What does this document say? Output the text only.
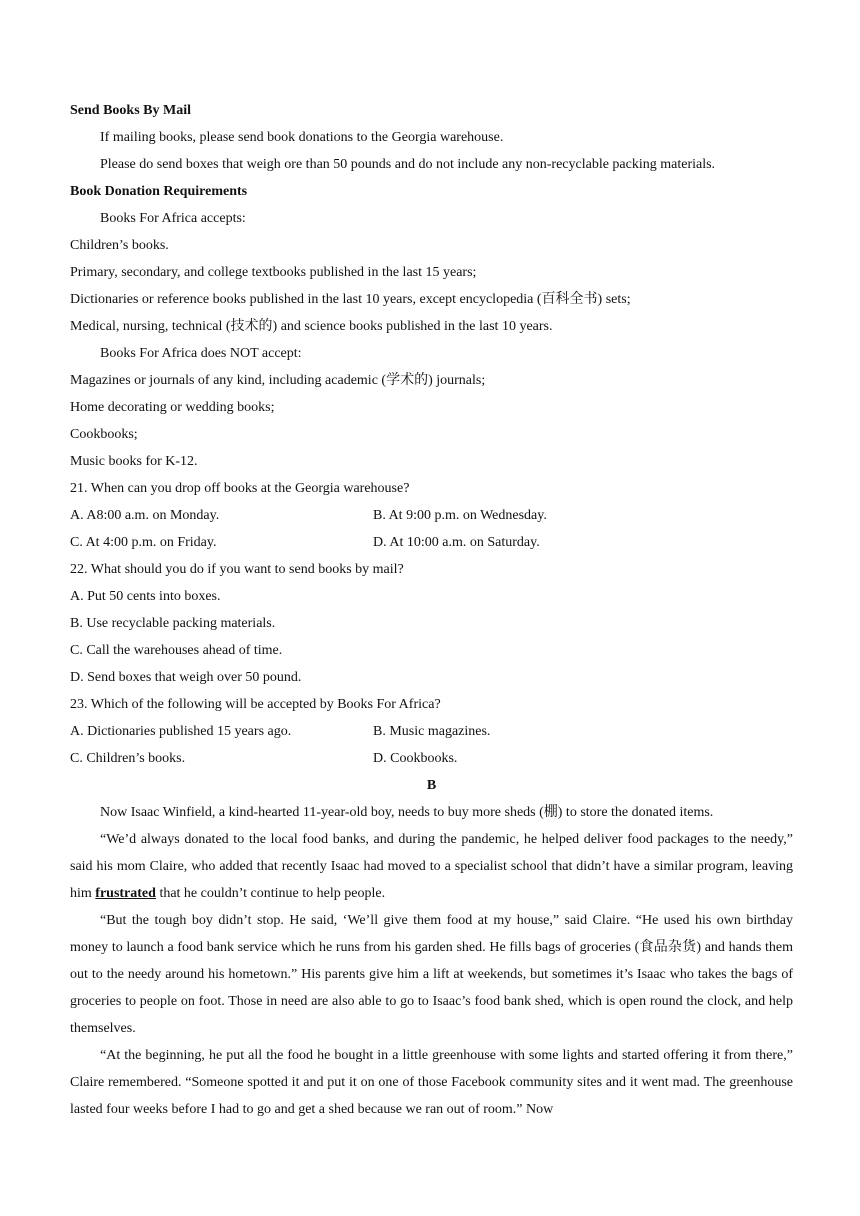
Send Books By Mail
If mailing books, please send book donations to the Georgia warehouse.
Please do send boxes that weigh ore than 50 pounds and do not include any non-recyclable packing materials.
Book Donation Requirements
Books For Africa accepts:
Children’s books.
Primary, secondary, and college textbooks published in the last 15 years;
Dictionaries or reference books published in the last 10 years, except encyclopedia (百科全书) sets;
Medical, nursing, technical (技术的) and science books published in the last 10 years.
Books For Africa does NOT accept:
Magazines or journals of any kind, including academic (学术的) journals;
Home decorating or wedding books;
Cookbooks;
Music books for K-12.
21. When can you drop off books at the Georgia warehouse?
A. A8:00 a.m. on Monday.	B. At 9:00 p.m. on Wednesday.
C. At 4:00 p.m. on Friday.	D. At 10:00 a.m. on Saturday.
22. What should you do if you want to send books by mail?
A. Put 50 cents into boxes.
B. Use recyclable packing materials.
C. Call the warehouses ahead of time.
D. Send boxes that weigh over 50 pound.
23. Which of the following will be accepted by Books For Africa?
A. Dictionaries published 15 years ago.	B. Music magazines.
C. Children’s books.	D. Cookbooks.
B
Now Isaac Winfield, a kind-hearted 11-year-old boy, needs to buy more sheds (棚) to store the donated items.
“We’d always donated to the local food banks, and during the pandemic, he helped deliver food packages to the needy,” said his mom Claire, who added that recently Isaac had moved to a specialist school that didn’t have a similar program, leaving him frustrated that he couldn’t continue to help people.
“But the tough boy didn’t stop. He said, ‘We’ll give them food at my house,” said Claire. “He used his own birthday money to launch a food bank service which he runs from his garden shed. He fills bags of groceries (食品杂货) and hands them out to the needy around his hometown.” His parents give him a lift at weekends, but sometimes it’s Isaac who takes the bags of groceries to people on foot. Those in need are also able to go to Isaac’s food bank shed, which is open round the clock, and help themselves.
“At the beginning, he put all the food he bought in a little greenhouse with some lights and started offering it from there,” Claire remembered. “Someone spotted it and put it on one of those Facebook community sites and it went mad. The greenhouse lasted four weeks before I had to go and get a shed because we ran out of room.” Now
